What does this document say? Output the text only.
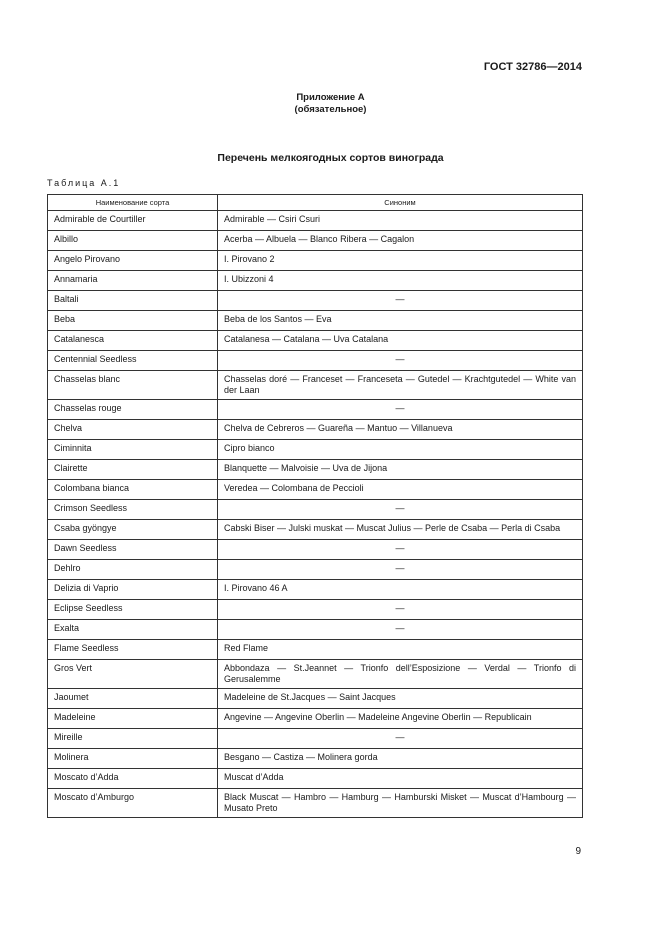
ГОСТ 32786—2014
Приложение А
(обязательное)
Перечень мелкоягодных сортов винограда
Таблица А.1
Наименование сорта	Синоним
Admirable de Courtiller	Admirable — Csiri Csuri
Albillo	Acerba — Albuela — Blanco Ribera — Cagalon
Angelo Pirovano	I. Pirovano 2
Annamaria	I. Ubizzoni 4
Baltali	—
Beba	Beba de los Santos — Eva
Catalanesca	Catalanesa — Catalana — Uva Catalana
Centennial Seedless	—
Chasselas blanc	Chasselas doré — Franceset — Franceseta — Gutedel — Krachtgutedel — White van der Laan
Chasselas rouge	—
Chelva	Chelva de Cebreros — Guareña — Mantuo — Villanueva
Ciminnita	Cipro bianco
Clairette	Blanquette — Malvoisie — Uva de Jijona
Colombana bianca	Veredea — Colombana de Peccioli
Crimson Seedless	—
Csaba gyöngye	Cabski Biser — Julski muskat — Muscat Julius — Perle de Csaba — Perla di Csaba
Dawn Seedless	—
Dehlro	—
Delizia di Vaprio	I. Pirovano 46 A
Eclipse Seedless	—
Exalta	—
Flame Seedless	Red Flame
Gros Vert	Abbondaza — St.Jeannet — Trionfo dell’Esposizione — Verdal — Trionfo di Gerusalemme
Jaoumet	Madeleine de St.Jacques — Saint Jacques
Madeleine	Angevine — Angevine Oberlin — Madeleine Angevine Oberlin — Republicain
Mireille	—
Molinera	Besgano — Castiza — Molinera gorda
Moscato d’Adda	Muscat d’Adda
Moscato d’Amburgo	Black Muscat — Hambro — Hamburg — Hamburski Misket — Muscat d’Hambourg — Musato Preto
9
